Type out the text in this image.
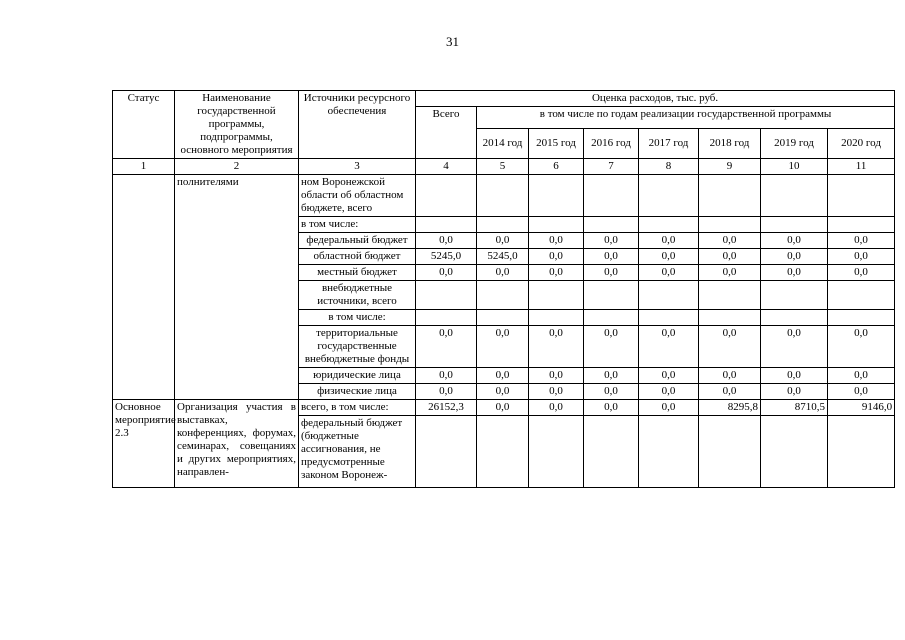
31
Статус	Наименование государственной программы, подпрограммы, основного мероприятия	Источники ресурсного обеспечения	Оценка расходов, тыс. руб.							
			Всего	в том числе по годам реализации государственной программы						
				2014 год	2015 год	2016 год	2017 год	2018 год	2019 год	2020 год
1	2	3	4	5	6	7	8	9	10	11
	полнителями	ном Воронежской области об областном бюджете, всего								
		в том числе:								
		федеральный бюджет	0,0	0,0	0,0	0,0	0,0	0,0	0,0	0,0
		областной бюджет	5245,0	5245,0	0,0	0,0	0,0	0,0	0,0	0,0
		местный бюджет	0,0	0,0	0,0	0,0	0,0	0,0	0,0	0,0
		внебюджетные источники, всего								
		в том числе:								
		территориальные государственные внебюджетные фонды	0,0	0,0	0,0	0,0	0,0	0,0	0,0	0,0
		юридические лица	0,0	0,0	0,0	0,0	0,0	0,0	0,0	0,0
		физические лица	0,0	0,0	0,0	0,0	0,0	0,0	0,0	0,0
Основное мероприятие 2.3	Организация участия в выставках, конференциях, форумах, семинарах, совещаниях и других мероприятиях, направлен-	всего, в том числе:	26152,3	0,0	0,0	0,0	0,0	8295,8	8710,5	9146,0
		федеральный бюджет (бюджетные ассигнования, не предусмотренные законом Воронеж-								
